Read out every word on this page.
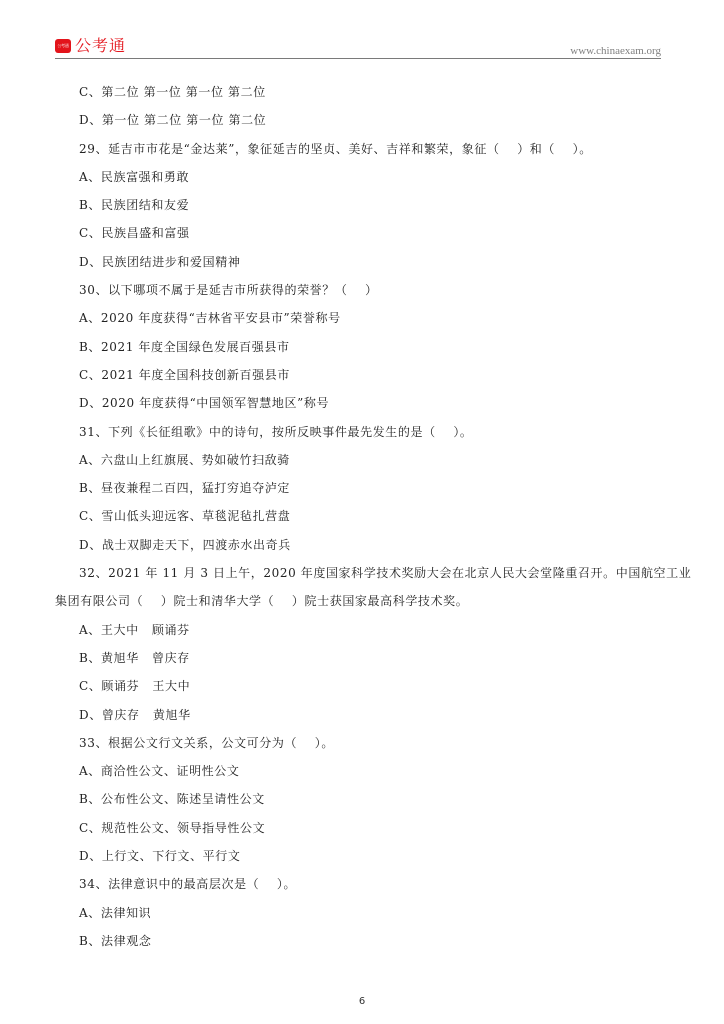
公考通 公考通	www.chinaexam.org
C、第二位 第一位 第一位 第二位
D、第一位 第二位 第一位 第二位
29、延吉市市花是“金达莱”，象征延吉的坚贞、美好、吉祥和繁荣，象征（    ）和（    ）。
A、民族富强和勇敢
B、民族团结和友爱
C、民族昌盛和富强
D、民族团结进步和爱国精神
30、以下哪项不属于是延吉市所获得的荣誉？（    ）
A、2020 年度获得“吉林省平安县市”荣誉称号
B、2021 年度全国绿色发展百强县市
C、2021 年度全国科技创新百强县市
D、2020 年度获得“中国领军智慧地区”称号
31、下列《长征组歌》中的诗句，按所反映事件最先发生的是（    ）。
A、六盘山上红旗展、势如破竹扫敌骑
B、昼夜兼程二百四，猛打穷追夺泸定
C、雪山低头迎远客、草毯泥毡扎营盘
D、战士双脚走天下，四渡赤水出奇兵
32、2021 年 11 月 3 日上午，2020 年度国家科学技术奖励大会在北京人民大会堂隆重召开。中国航空工业
集团有限公司（    ）院士和清华大学（    ）院士获国家最高科学技术奖。
A、王大中   顾诵芬
B、黄旭华   曾庆存
C、顾诵芬   王大中
D、曾庆存   黄旭华
33、根据公文行文关系，公文可分为（    ）。
A、商洽性公文、证明性公文
B、公布性公文、陈述呈请性公文
C、规范性公文、领导指导性公文
D、上行文、下行文、平行文
34、法律意识中的最高层次是（    ）。
A、法律知识
B、法律观念
6
